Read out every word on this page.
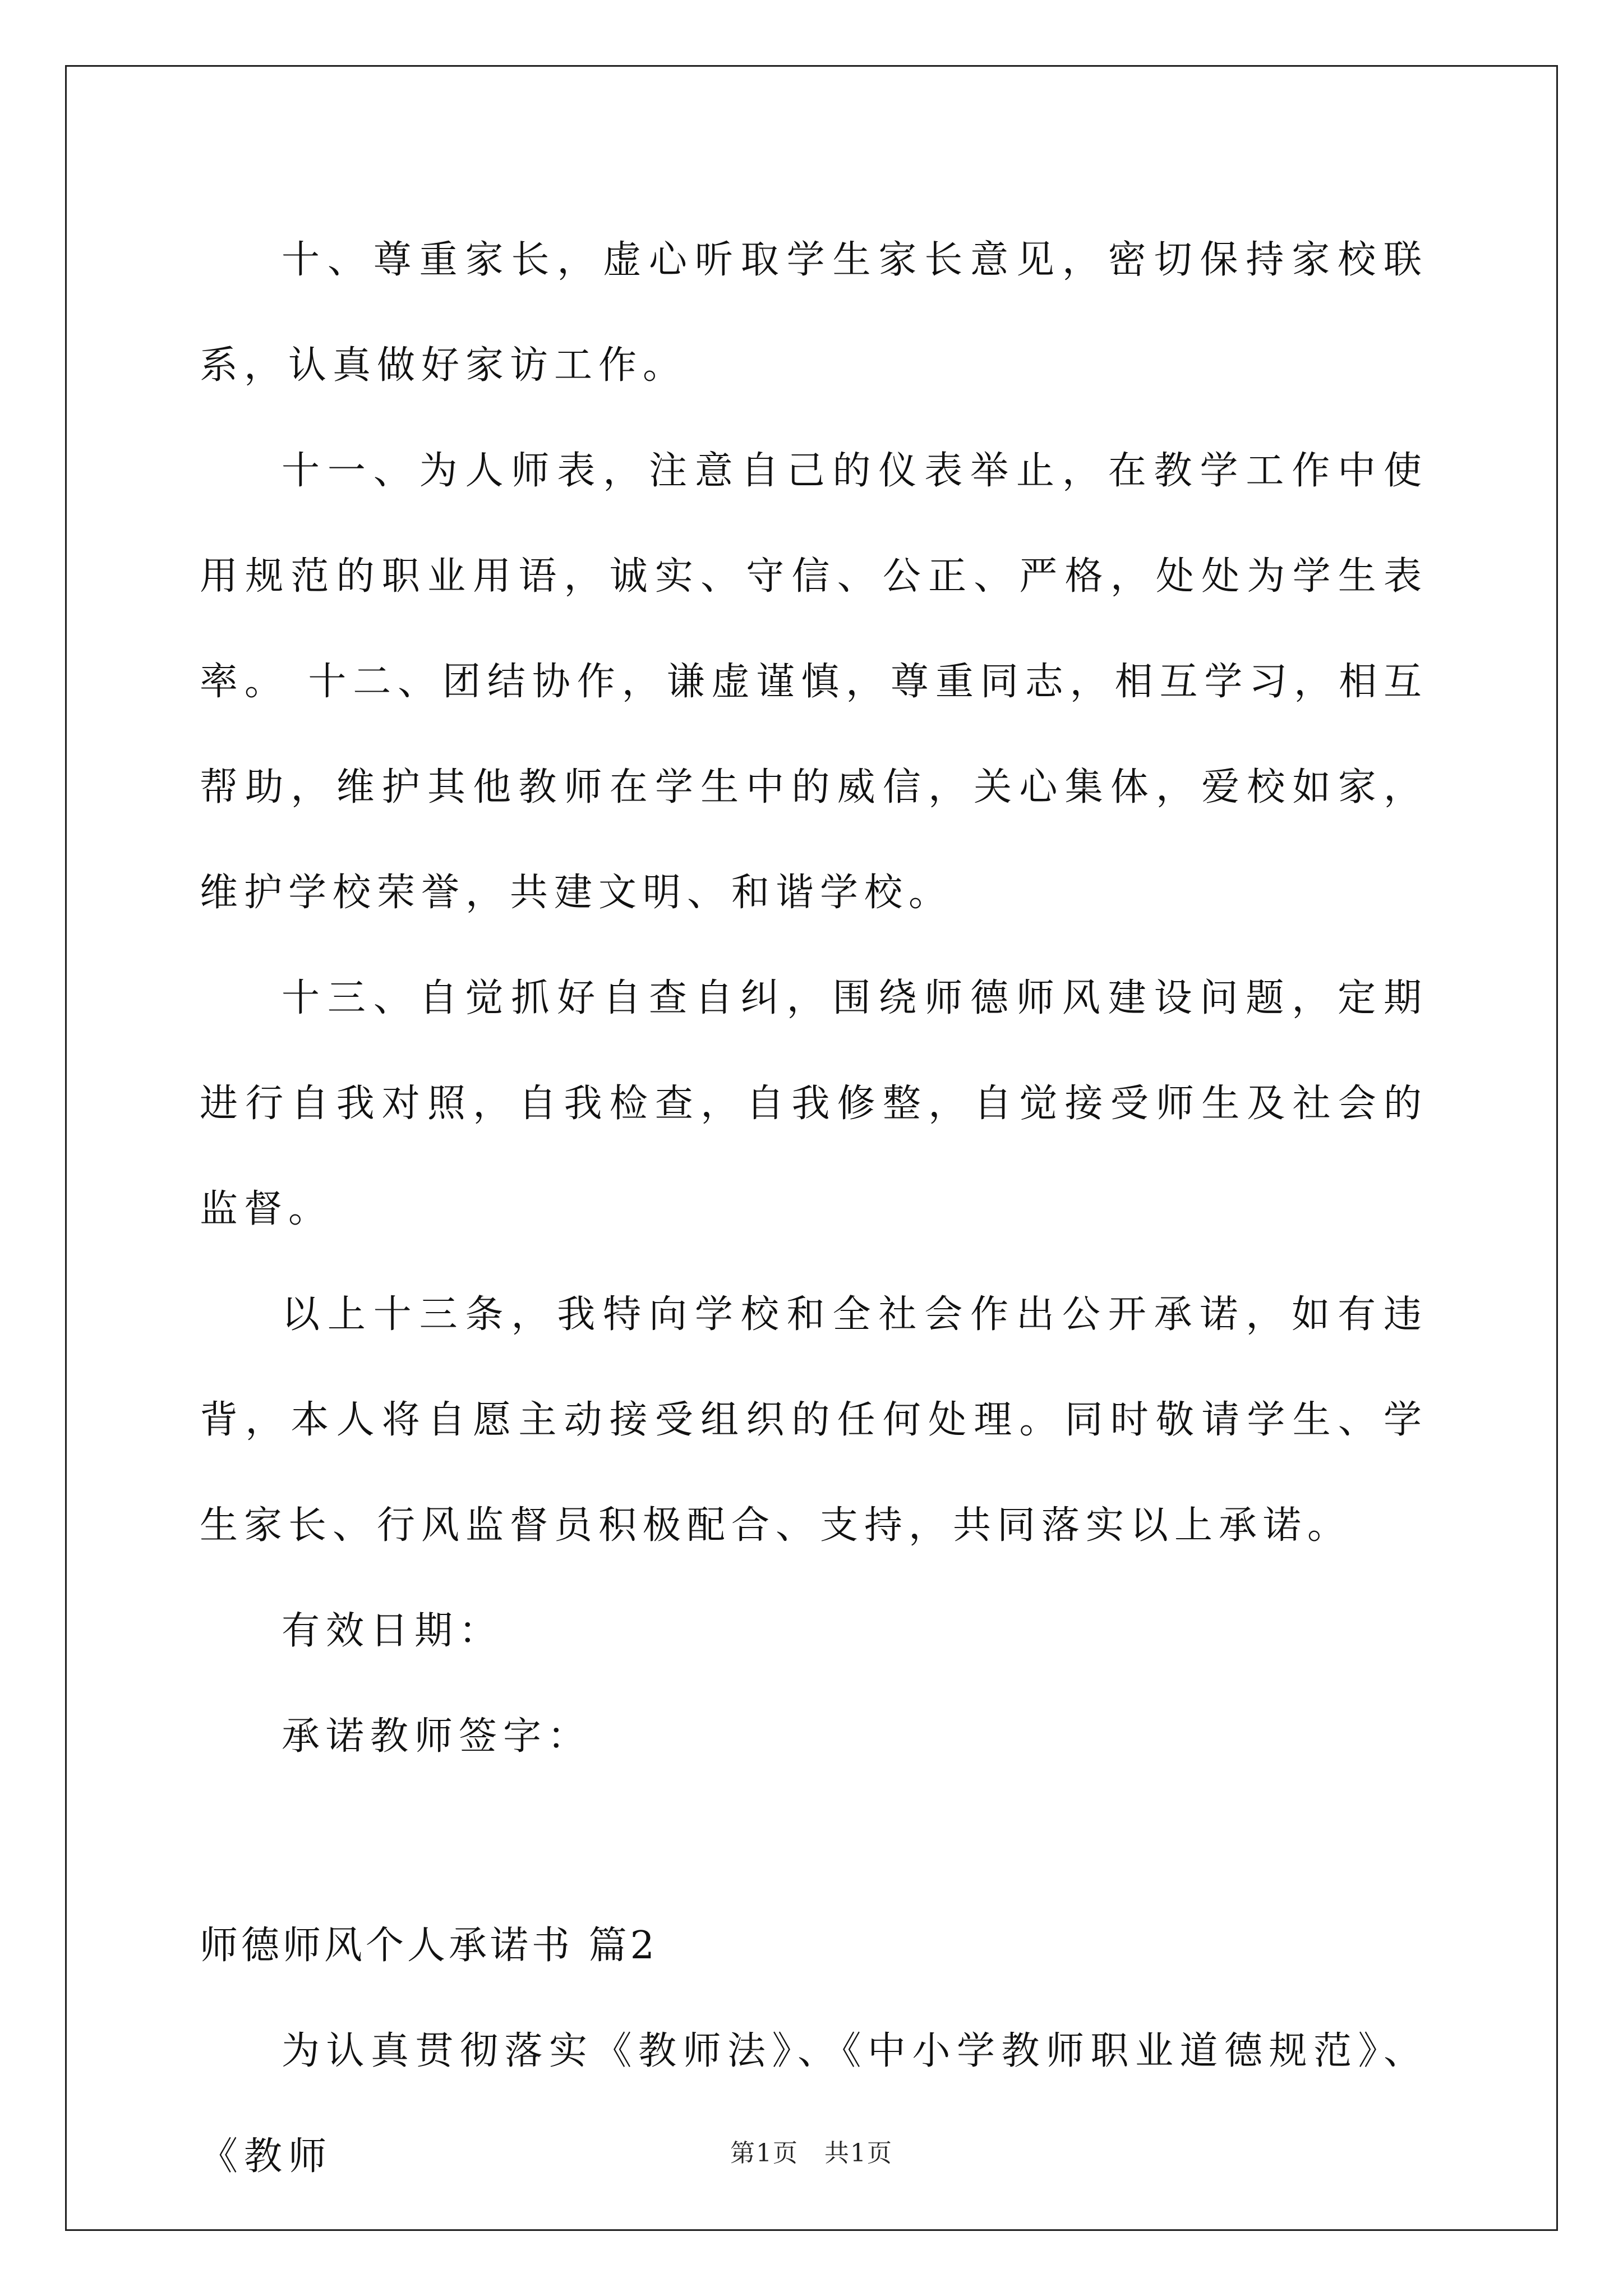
十、尊重家长，虚心听取学生家长意见，密切保持家校联系，认真做好家访工作。

十一、为人师表，注意自己的仪表举止，在教学工作中使用规范的职业用语，诚实、守信、公正、严格，处处为学生表率。 十二、团结协作，谦虚谨慎，尊重同志，相互学习，相互帮助，维护其他教师在学生中的威信，关心集体，爱校如家，维护学校荣誉，共建文明、和谐学校。

十三、自觉抓好自查自纠，围绕师德师风建设问题，定期进行自我对照，自我检查，自我修整，自觉接受师生及社会的监督。

以上十三条，我特向学校和全社会作出公开承诺，如有违背，本人将自愿主动接受组织的任何处理。同时敬请学生、学生家长、行风监督员积极配合、支持，共同落实以上承诺。

有效日期：

承诺教师签字：

师德师风个人承诺书 篇2

为认真贯彻落实《教师法》、《中小学教师职业道德规范》、《教师	第1页　共1页
